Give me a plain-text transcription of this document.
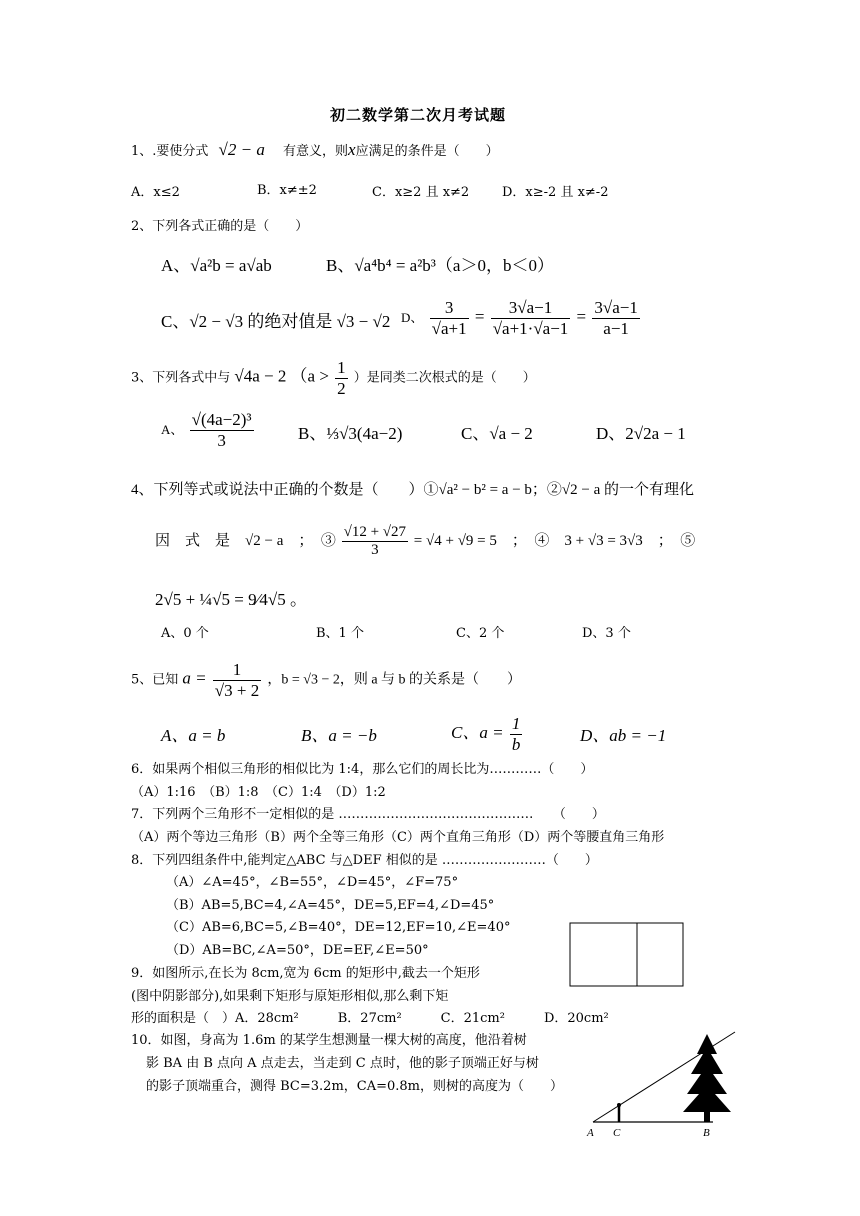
初二数学第二次月考试题
1、.要使分式 √2 − a 有意义，则x应满足的条件是（　　）
A．x≤2	B．x≠±2	C．x≥2 且 x≠2	D．x≥-2 且 x≠-2
2、下列各式正确的是（　　）
A、√a²b = a√ab	B、√a⁴b⁴ = a²b³（a＞0，b＜0）
C、√2 − √3 的绝对值是 √3 − √2 D、 $\frac{3}{√a+1} = \frac{3√a-1}{√a+1\cdot√a-1} = \frac{3√a-1}{a-1}$
3、下列各式中与 √4a − 2 （$a > \frac{1}{2}$ ）是同类二次根式的是（　　）
A、 $\frac{\text{√(4a−2)³}}{3}$	B、⅓√3(4a−2)	C、√a − 2	D、2√2a − 1
4、下列等式或说法中正确的个数是（　　）①√a² − b² = a − b；②√2 − a 的一个有理化
因　式　是　√2 − a　；　③ $\frac{√12 + √27}{3} = √4 + √9 = 5$　；　④　3 + √3 = 3√3　；　⑤
2√5 + ¼√5 = 9⁄4√5 。
A、0 个	B、1 个	C、2 个	D、3 个
5、已知 $a = \frac{1}{√3 + 2}$ ，b = √3 − 2，则 a 与 b 的关系是（　　）
A、a = b	B、a = −b	C、$a = \frac{1}{b}$	D、ab = −1
6．如果两个相似三角形的相似比为 1:4，那么它们的周长比为…………（　　）
（A）1:16　（B）1:8　（C）1:4　（D）1:2
7．下列两个三角形不一定相似的是 ………………………………………　　（　　）
（A）两个等边三角形（B）两个全等三角形（C）两个直角三角形（D）两个等腰直角三角形
8．下列四组条件中,能判定△ABC 与△DEF 相似的是 ……………………（　　）
（A）∠A=45°，∠B=55°，∠D=45°，∠F=75°
（B）AB=5,BC=4,∠A=45°，DE=5,EF=4,∠D=45°
（C）AB=6,BC=5,∠B=40°，DE=12,EF=10,∠E=40°
（D）AB=BC,∠A=50°，DE=EF,∠E=50°
9．如图所示,在长为 8cm,宽为 6cm 的矩形中,截去一个矩形
(图中阴影部分),如果剩下矩形与原矩形相似,那么剩下矩
形的面积是（　）A．28cm²　　　B．27cm²　　　C．21cm²　　　D．20cm²
10．如图，身高为 1.6m 的某学生想测量一棵大树的高度，他沿着树
影 BA 由 B 点向 A 点走去，当走到 C 点时，他的影子顶端正好与树
的影子顶端重合，测得 BC=3.2m，CA=0.8m，则树的高度为（　　）
A C	B
